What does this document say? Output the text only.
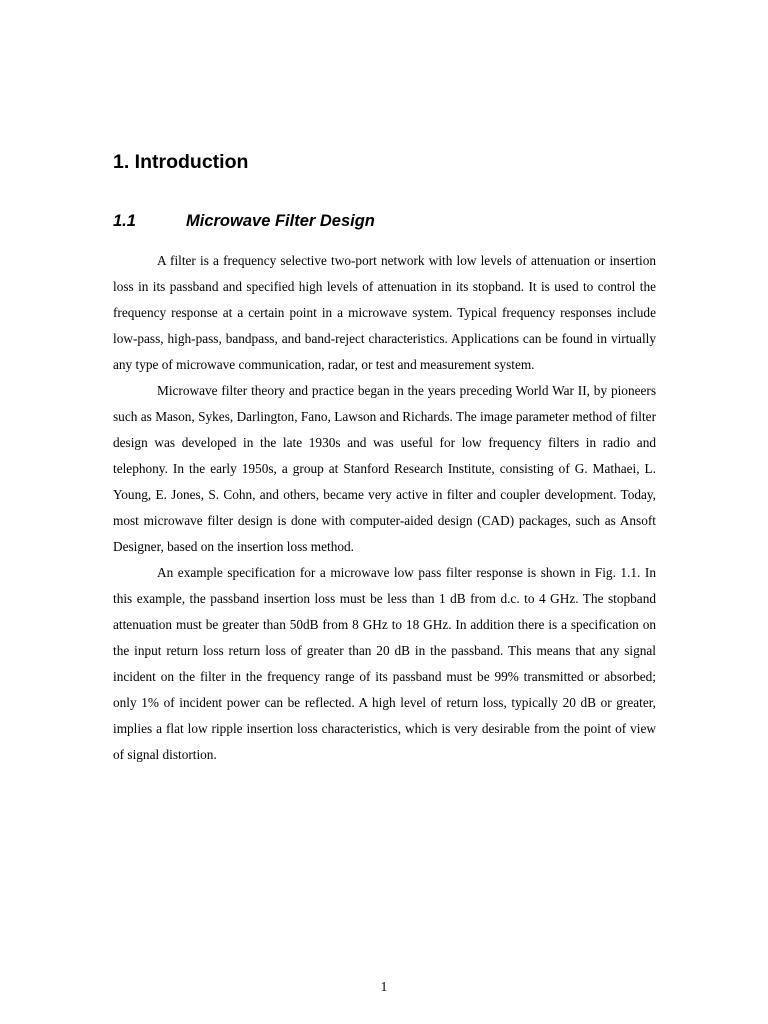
1. Introduction
1.1	Microwave Filter Design

A filter is a frequency selective two-port network with low levels of attenuation or insertion loss in its passband and specified high levels of attenuation in its stopband. It is used to control the frequency response at a certain point in a microwave system. Typical frequency responses include low-pass, high-pass, bandpass, and band-reject characteristics. Applications can be found in virtually any type of microwave communication, radar, or test and measurement system.

Microwave filter theory and practice began in the years preceding World War II, by pioneers such as Mason, Sykes, Darlington, Fano, Lawson and Richards. The image parameter method of filter design was developed in the late 1930s and was useful for low frequency filters in radio and telephony. In the early 1950s, a group at Stanford Research Institute, consisting of G. Mathaei, L. Young, E. Jones, S. Cohn, and others, became very active in filter and coupler development. Today, most microwave filter design is done with computer-aided design (CAD) packages, such as Ansoft Designer, based on the insertion loss method.

An example specification for a microwave low pass filter response is shown in Fig. 1.1. In this example, the passband insertion loss must be less than 1 dB from d.c. to 4 GHz. The stopband attenuation must be greater than 50dB from 8 GHz to 18 GHz. In addition there is a specification on the input return loss return loss of greater than 20 dB in the passband. This means that any signal incident on the filter in the frequency range of its passband must be 99% transmitted or absorbed; only 1% of incident power can be reflected. A high level of return loss, typically 20 dB or greater, implies a flat low ripple insertion loss characteristics, which is very desirable from the point of view of signal distortion.

1
